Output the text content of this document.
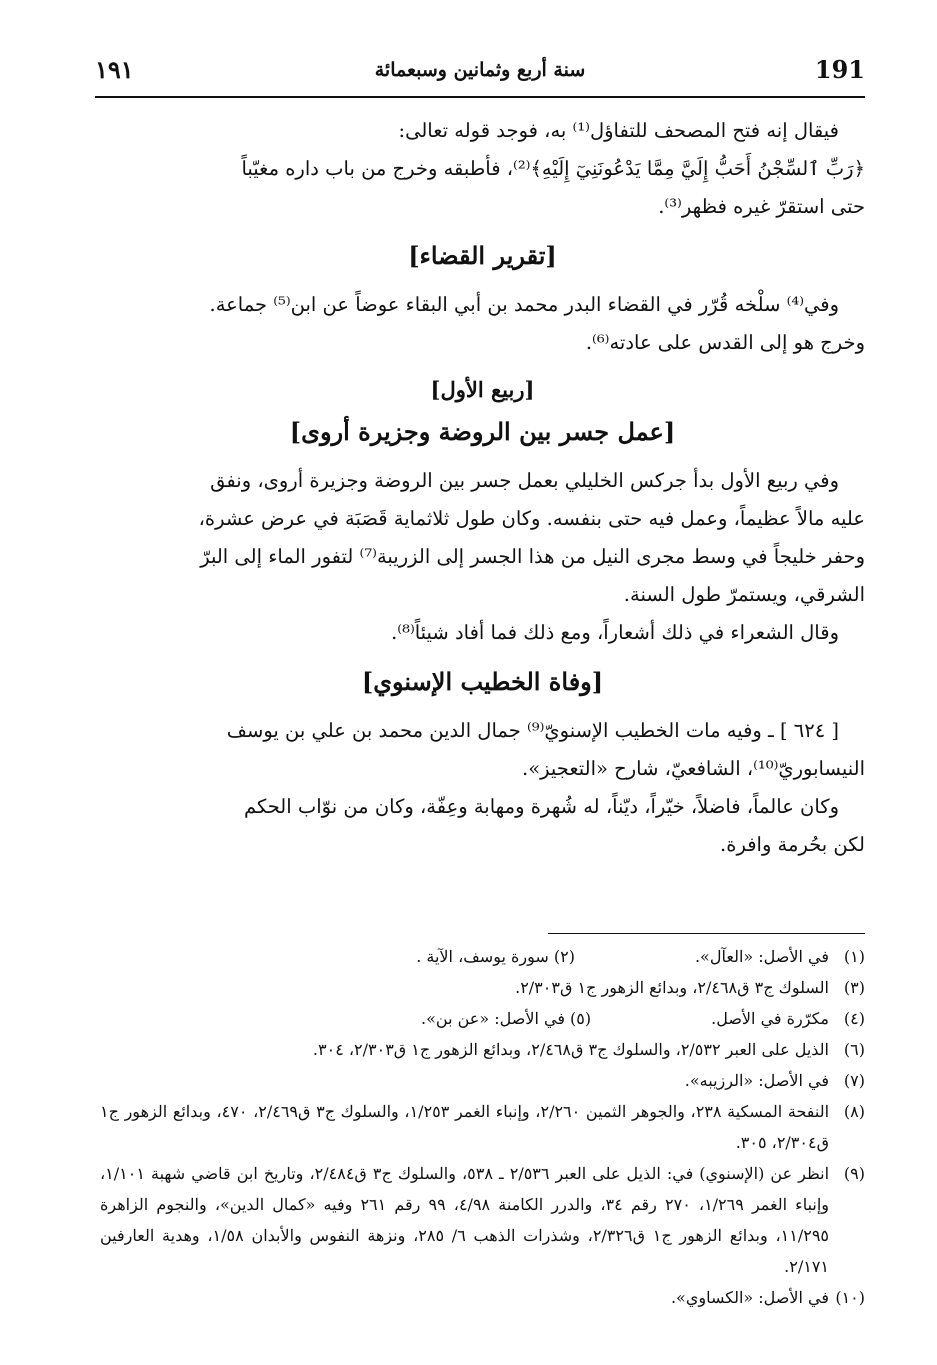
191
سنة أربع وثمانين وسبعمائة
١٩١

فيقال إنه فتح المصحف للتفاؤل⁽¹⁾ به، فوجد قوله تعالى:

﴿رَبِّ ٱلسِّجْنُ أَحَبُّ إِلَيَّ مِمَّا يَدْعُونَنِيٓ إِلَيْهِ﴾⁽²⁾، فأطبقه وخرج من باب داره مغيّباً

حتى استقرّ غيره فظهر⁽³⁾.

[تقرير القضاء]

وفي⁽⁴⁾ سلْخه قُرّر في القضاء البدر محمد بن أبي البقاء عوضاً عن ابن⁽⁵⁾ جماعة.

وخرج هو إلى القدس على عادته⁽⁶⁾.

[ربيع الأول]

[عمل جسر بين الروضة وجزيرة أروى]

وفي ربيع الأول بدأ جركس الخليلي بعمل جسر بين الروضة وجزيرة أروى، ونفق

عليه مالاً عظيماً، وعمل فيه حتى بنفسه. وكان طول ثلاثماية قَصَبَة في عرض عشرة،

وحفر خليجاً في وسط مجرى النيل من هذا الجسر إلى الزريبة⁽⁷⁾ لتفور الماء إلى البرّ

الشرقي، ويستمرّ طول السنة.

وقال الشعراء في ذلك أشعاراً، ومع ذلك فما أفاد شيئاً⁽⁸⁾.

[وفاة الخطيب الإسنوي]

[ ٦٢٤ ] ـ وفيه مات الخطيب الإسنويّ⁽⁹⁾ جمال الدين محمد بن علي بن يوسف

النيسابوريّ⁽¹⁰⁾، الشافعيّ، شارح «التعجيز».

وكان عالماً، فاضلاً، خيّراً، ديّناً، له شُهرة ومهابة وعِفّة، وكان من نوّاب الحكم

لكن بحُرمة وافرة.

(١)
في الأصل: «العآل».(٢) سورة يوسف، الآية .
(٣)
السلوك ج٣ ق٢/٤٦٨، وبدائع الزهور ج١ ق٢/٣٠٣.
(٤)
مكرّرة في الأصل.(٥) في الأصل: «عن بن».
(٦)
الذيل على العبر ٢/٥٣٢، والسلوك ج٣ ق٢/٤٦٨، وبدائع الزهور ج١ ق٢/٣٠٣، ٣٠٤.
(٧)
في الأصل: «الرزيبه».
(٨)
النفحة المسكية ٢٣٨، والجوهر الثمين ٢/٢٦٠، وإنباء الغمر ١/٢٥٣، والسلوك ج٣ ق٢/٤٦٩، ٤٧٠، وبدائع الزهور ج١ ق٢/٣٠٤، ٣٠٥.
(٩)
انظر عن (الإسنوي) في: الذيل على العبر ٢/٥٣٦ ـ ٥٣٨، والسلوك ج٣ ق٢/٤٨٤، وتاريخ ابن قاضي شهبة ١/١٠١، وإنباء الغمر ١/٢٦٩، ٢٧٠ رقم ٣٤، والدرر الكامنة ٤/٩٨، ٩٩ رقم ٢٦١ وفيه «كمال الدين»، والنجوم الزاهرة ١١/٢٩٥، وبدائع الزهور ج١ ق٢/٣٢٦، وشذرات الذهب ٦/ ٢٨٥، ونزهة النفوس والأبدان ١/٥٨، وهدية العارفين ٢/١٧١.
(١٠)
في الأصل: «الكساوي».
